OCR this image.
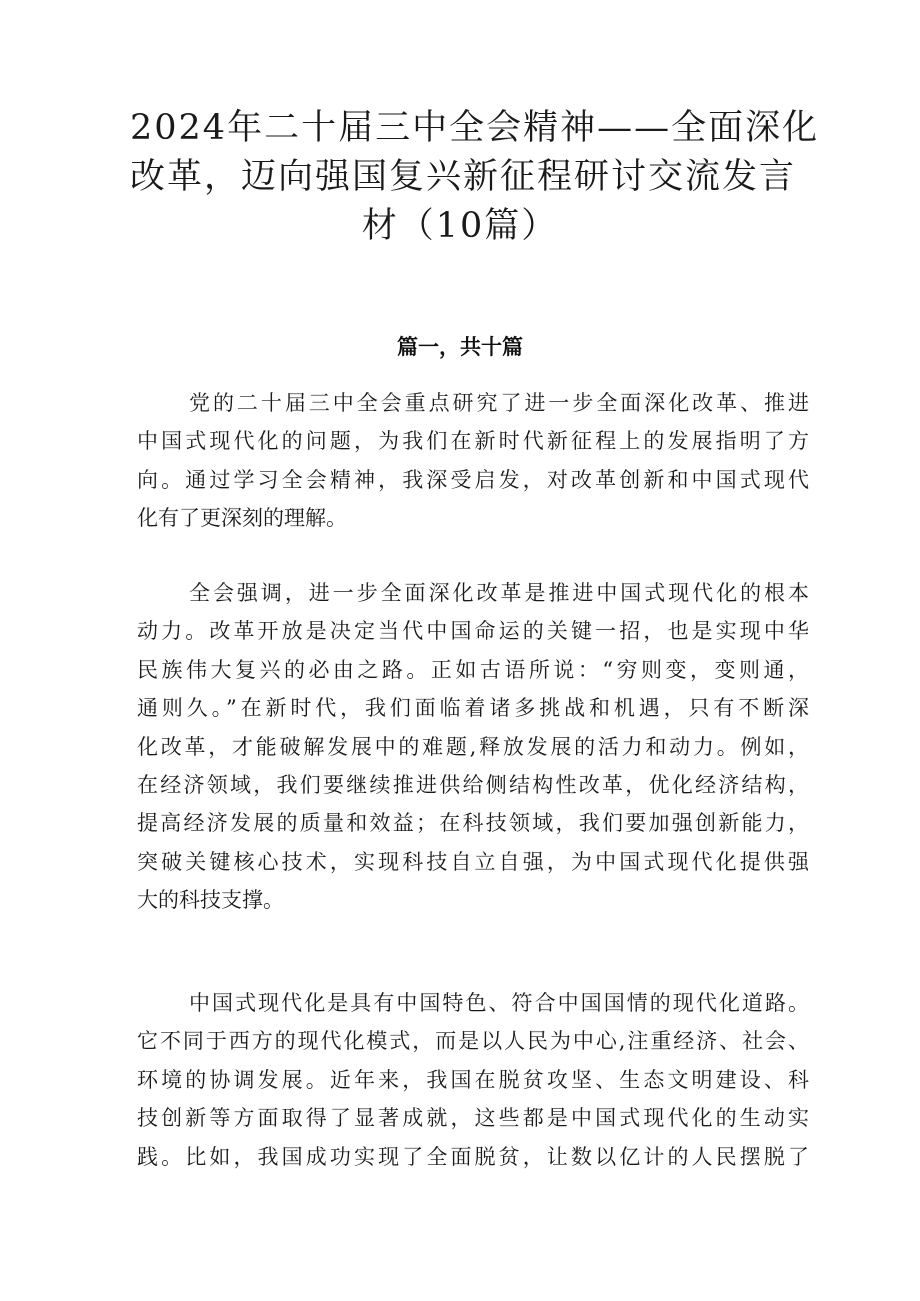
2024年二十届三中全会精神——全面深化
改革，迈向强国复兴新征程研讨交流发言
材（10篇）
篇一，共十篇

党的二十届三中全会重点研究了进一步全面深化改革、推进
中国式现代化的问题，为我们在新时代新征程上的发展指明了方
向。通过学习全会精神，我深受启发，对改革创新和中国式现代
化有了更深刻的理解。

全会强调，进一步全面深化改革是推进中国式现代化的根本
动力。改革开放是决定当代中国命运的关键一招，也是实现中华
民族伟大复兴的必由之路。正如古语所说：“穷则变，变则通，
通则久。”在新时代，我们面临着诸多挑战和机遇，只有不断深
化改革，才能破解发展中的难题,释放发展的活力和动力。例如，
在经济领域，我们要继续推进供给侧结构性改革，优化经济结构，
提高经济发展的质量和效益；在科技领域，我们要加强创新能力，
突破关键核心技术，实现科技自立自强，为中国式现代化提供强
大的科技支撑。

中国式现代化是具有中国特色、符合中国国情的现代化道路。
它不同于西方的现代化模式，而是以人民为中心,注重经济、社会、
环境的协调发展。近年来，我国在脱贫攻坚、生态文明建设、科
技创新等方面取得了显著成就，这些都是中国式现代化的生动实
践。比如，我国成功实现了全面脱贫，让数以亿计的人民摆脱了
